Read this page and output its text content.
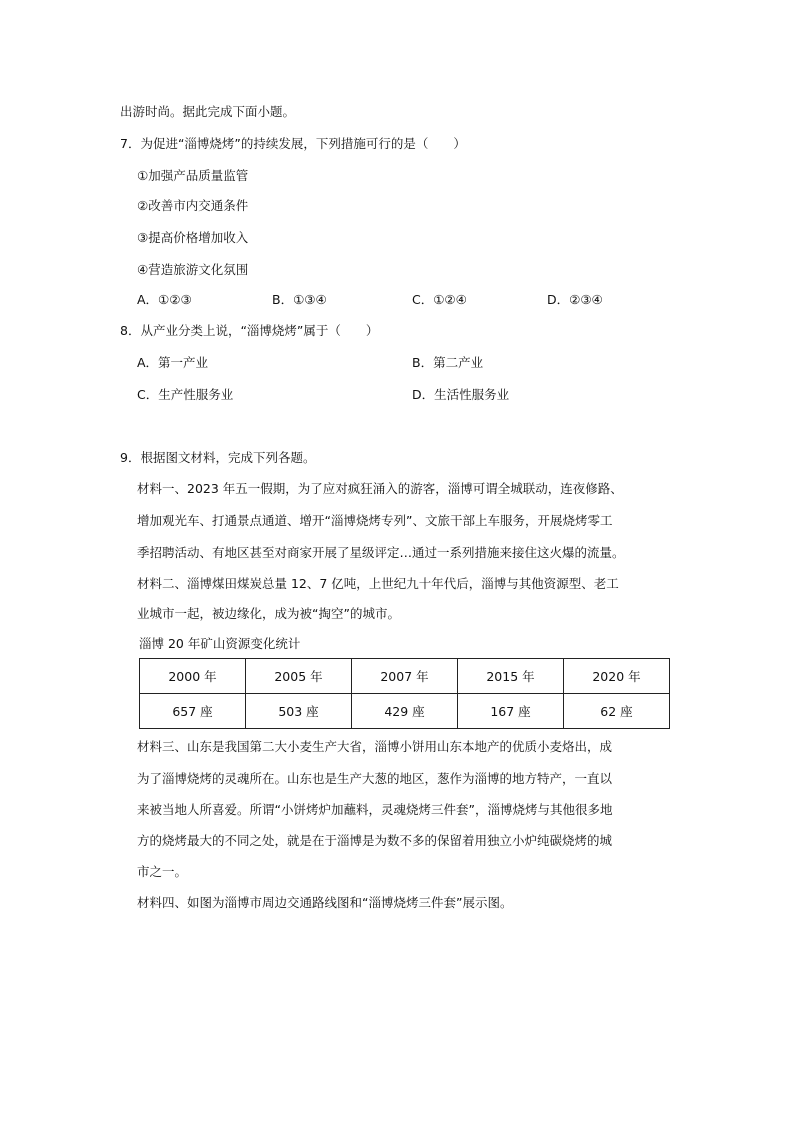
出游时尚。据此完成下面小题。
7．为促进“淄博烧烤”的持续发展，下列措施可行的是（　　）
①加强产品质量监管
②改善市内交通条件
③提高价格增加收入
④营造旅游文化氛围
A．①②③	B．①③④	C．①②④	D．②③④
8．从产业分类上说，“淄博烧烤”属于（　　）
A．第一产业	B．第二产业
C．生产性服务业	D．生活性服务业
9．根据图文材料，完成下列各题。
材料一、2023 年五一假期，为了应对疯狂涌入的游客，淄博可谓全城联动，连夜修路、
增加观光车、打通景点通道、增开“淄博烧烤专列”、文旅干部上车服务，开展烧烤零工
季招聘活动、有地区甚至对商家开展了星级评定…通过一系列措施来接住这火爆的流量。
材料二、淄博煤田煤炭总量 12、7 亿吨，上世纪九十年代后，淄博与其他资源型、老工
业城市一起，被边缘化，成为被“掏空”的城市。
淄博 20 年矿山资源变化统计
2000 年	2005 年	2007 年	2015 年	2020 年
657 座	503 座	429 座	167 座	62 座
材料三、山东是我国第二大小麦生产大省，淄博小饼用山东本地产的优质小麦烙出，成
为了淄博烧烤的灵魂所在。山东也是生产大葱的地区，葱作为淄博的地方特产，一直以
来被当地人所喜爱。所谓“小饼烤炉加蘸料，灵魂烧烤三件套”，淄博烧烤与其他很多地
方的烧烤最大的不同之处，就是在于淄博是为数不多的保留着用独立小炉纯碳烧烤的城
市之一。
材料四、如图为淄博市周边交通路线图和“淄博烧烤三件套”展示图。
